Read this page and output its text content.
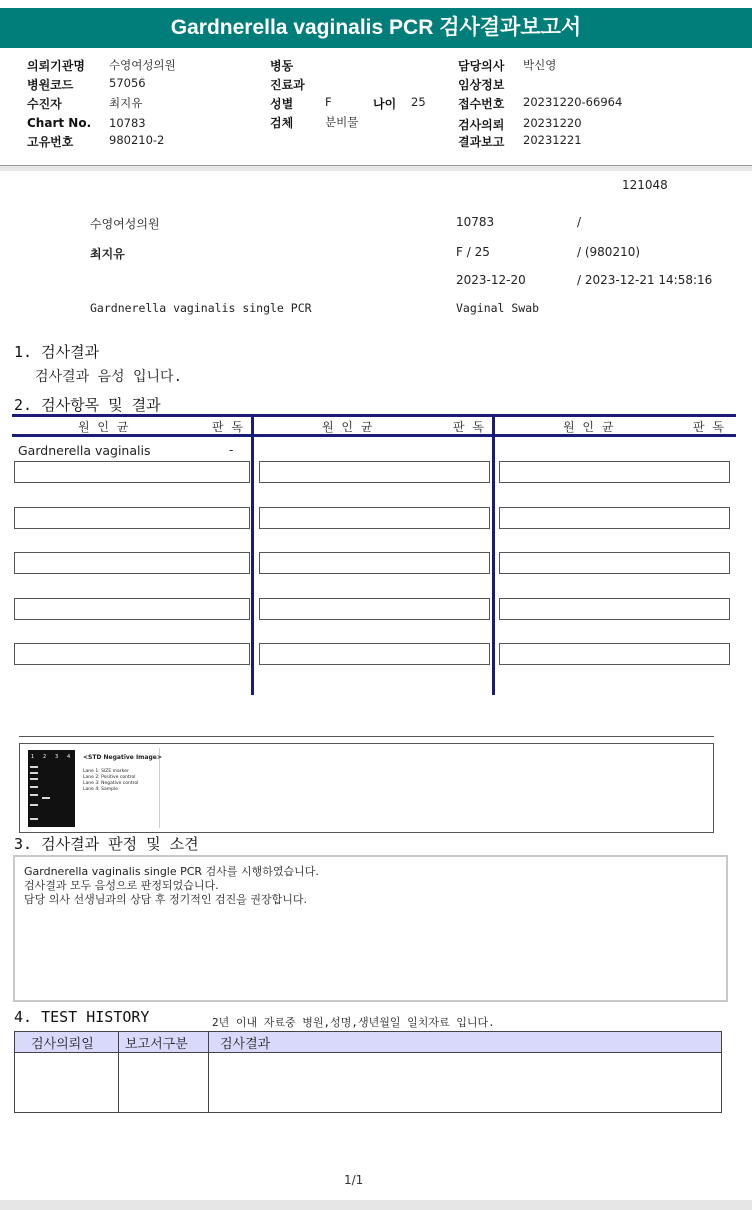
Gardnerella vaginalis PCR 검사결과보고서
의뢰기관명 수영여성의원
병원코드	57056
수진자	최지유
Chart No. 10783
고유번호	980210-2
병동
진료과
성별	F	나이 25
검체	분비물
담당의사 박신영
임상정보
접수번호 20231220-66964
검사의뢰 20231220
결과보고 20231221
121048
수영여성의원	10783	/
최지유	F / 25	/ (980210)
2023-12-20	/ 2023-12-21 14:58:16
Gardnerella vaginalis single PCR	Vaginal Swab
1. 검사결과
검사결과 음성 입니다.
2. 검사항목 및 결과
원 인 균	판 독	원 인 균	판 독	원 인 균	판 독
Gardnerella vaginalis	-
1 2 3 4 <STD Negative Image>
Lane 1: SIZE marker
Lane 2: Positive control
Lane 3: Negative control
Lane 4: Sample
3. 검사결과 판정 및 소견

Gardnerella vaginalis single PCR 검사를 시행하였습니다.

검사결과 모두 음성으로 판정되었습니다.

담당 의사 선생님과의 상담 후 정기적인 검진을 권장합니다.

4. TEST HISTORY	2년 이내 자료중 병원,성명,생년월일 일치자료 입니다.
검사의뢰일 보고서구분 검사결과
1/1
